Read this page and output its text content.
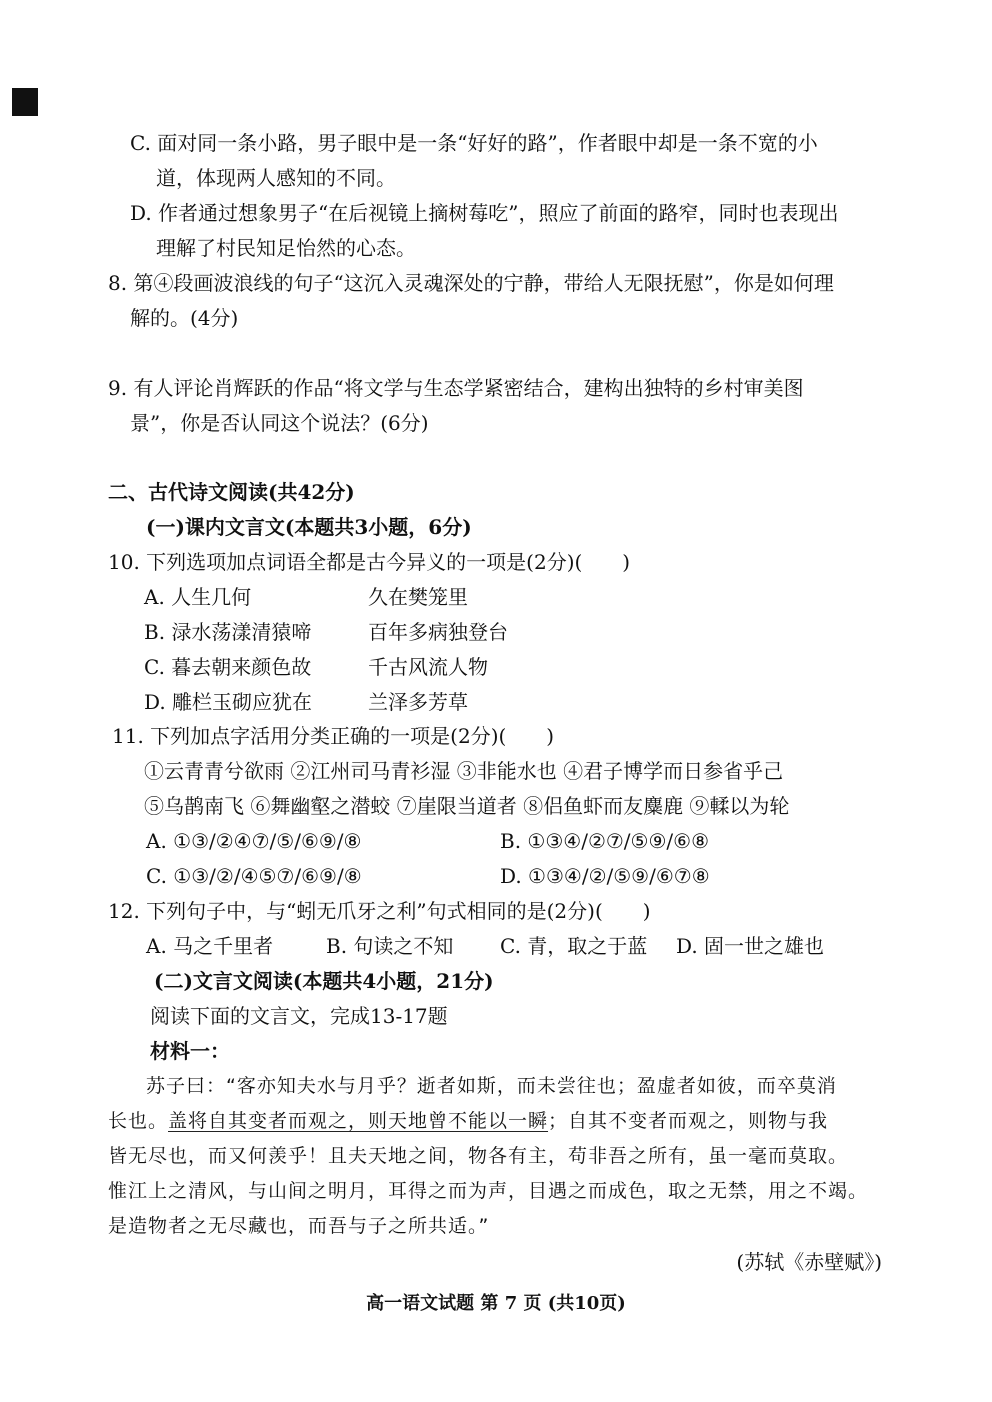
C. 面对同一条小路，男子眼中是一条“好好的路”，作者眼中却是一条不宽的小
道，体现两人感知的不同。
D. 作者通过想象男子“在后视镜上摘树莓吃”，照应了前面的路窄，同时也表现出
理解了村民知足怡然的心态。
8. 第④段画波浪线的句子“这沉入灵魂深处的宁静，带给人无限抚慰”，你是如何理
解的。(4分)
9. 有人评论肖辉跃的作品“将文学与生态学紧密结合，建构出独特的乡村审美图
景”，你是否认同这个说法？(6分)
二、古代诗文阅读(共42分)
(一)课内文言文(本题共3小题，6分)
10. 下列选项加点词语全都是古今异义的一项是(2分)(　　)
A. 人生几何	久在樊笼里
B. 渌水荡漾清猿啼	百年多病独登台
C. 暮去朝来颜色故	千古风流人物
D. 雕栏玉砌应犹在	兰泽多芳草
11. 下列加点字活用分类正确的一项是(2分)(　　)
①云青青兮欲雨 ②江州司马青衫湿 ③非能水也 ④君子博学而日参省乎己
⑤乌鹊南飞 ⑥舞幽壑之潜蛟 ⑦崖限当道者 ⑧侣鱼虾而友麋鹿 ⑨輮以为轮
A. ①③/②④⑦/⑤/⑥⑨/⑧	B. ①③④/②⑦/⑤⑨/⑥⑧
C. ①③/②/④⑤⑦/⑥⑨/⑧	D. ①③④/②/⑤⑨/⑥⑦⑧
12. 下列句子中，与“蚓无爪牙之利”句式相同的是(2分)(　　)
A. 马之千里者	B. 句读之不知 C. 青，取之于蓝 D. 固一世之雄也
(二)文言文阅读(本题共4小题，21分)
阅读下面的文言文，完成13-17题
材料一：
苏子曰：“客亦知夫水与月乎？逝者如斯，而未尝往也；盈虚者如彼，而卒莫消
长也。盖将自其变者而观之，则天地曾不能以一瞬；自其不变者而观之，则物与我
皆无尽也，而又何羡乎！且夫天地之间，物各有主，苟非吾之所有，虽一毫而莫取。
惟江上之清风，与山间之明月，耳得之而为声，目遇之而成色，取之无禁，用之不竭。
是造物者之无尽藏也，而吾与子之所共适。”
(苏轼《赤壁赋》)
高一语文试题 第 7 页 (共10页)
